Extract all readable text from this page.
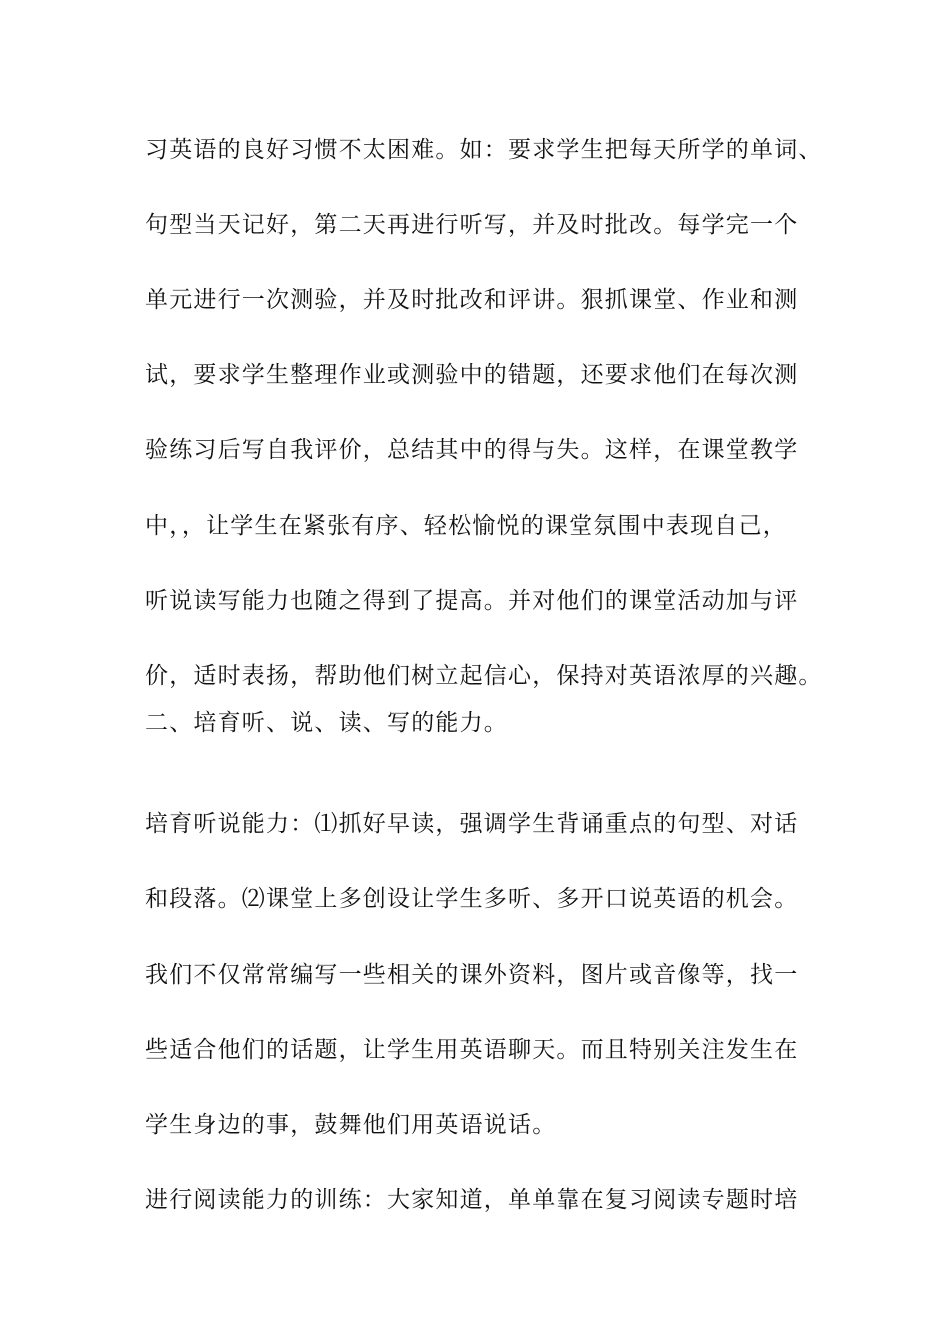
习英语的良好习惯不太困难。如：要求学生把每天所学的单词、
句型当天记好，第二天再进行听写，并及时批改。每学完一个
单元进行一次测验，并及时批改和评讲。狠抓课堂、作业和测
试，要求学生整理作业或测验中的错题，还要求他们在每次测
验练习后写自我评价，总结其中的得与失。这样，在课堂教学
中，，让学生在紧张有序、轻松愉悦的课堂氛围中表现自己，
听说读写能力也随之得到了提高。并对他们的课堂活动加与评
价，适时表扬，帮助他们树立起信心，保持对英语浓厚的兴趣。
二、培育听、说、读、写的能力。
培育听说能力：⑴抓好早读，强调学生背诵重点的句型、对话
和段落。⑵课堂上多创设让学生多听、多开口说英语的机会。
我们不仅常常编写一些相关的课外资料，图片或音像等，找一
些适合他们的话题，让学生用英语聊天。而且特别关注发生在
学生身边的事，鼓舞他们用英语说话。
进行阅读能力的训练：大家知道，单单靠在复习阅读专题时培
